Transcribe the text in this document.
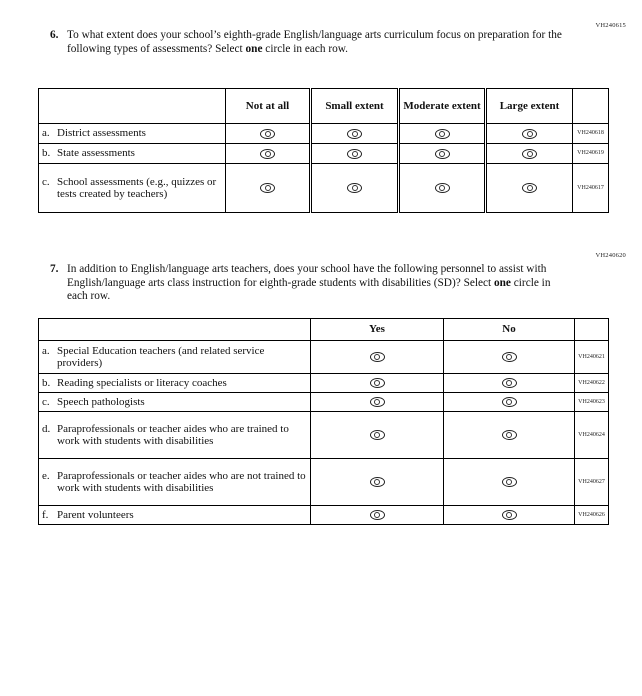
VH240615
6. To what extent does your school’s eighth-grade English/language arts curriculum focus on preparation for the following types of assessments? Select one circle in each row.
	Not at all	Small extent	Moderate extent	Large extent	

a. District assessments					VH240618

b. State assessments					VH240619

c. School assessments (e.g., quizzes or tests created by teachers)					VH240617
VH240620
7. In addition to English/language arts teachers, does your school have the following personnel to assist with English/language arts class instruction for eighth-grade students with disabilities (SD)? Select one circle in each row.
	Yes	No	

a. Special Education teachers (and related service providers)			VH240621

b. Reading specialists or literacy coaches			VH240622

c. Speech pathologists			VH240623

d. Paraprofessionals or teacher aides who are trained to work with students with disabilities			VH240624

e. Paraprofessionals or teacher aides who are not trained to work with students with disabilities			VH240627

f. Parent volunteers			VH240626
